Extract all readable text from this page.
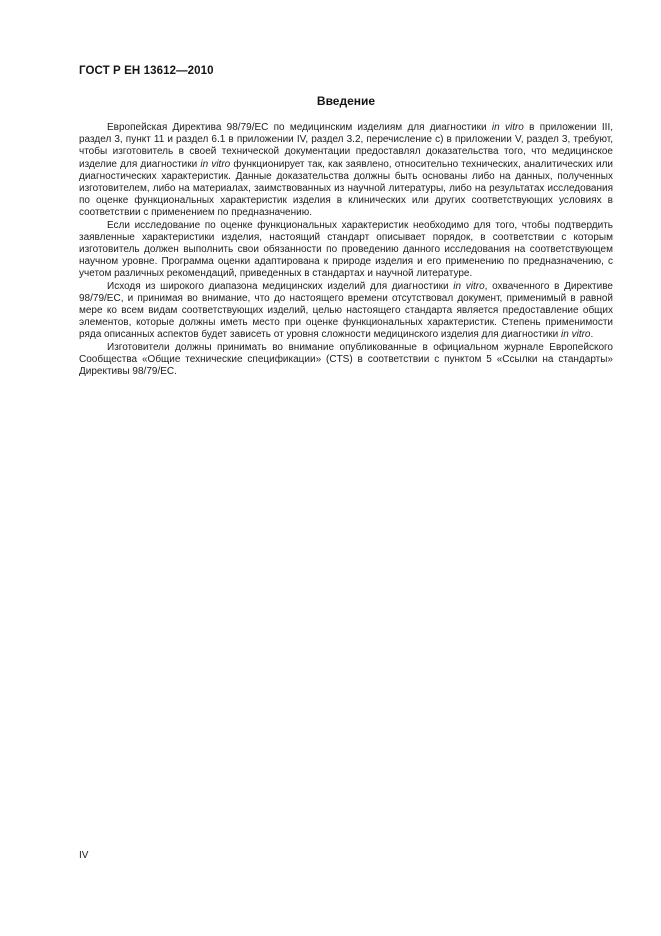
ГОСТ Р ЕН 13612—2010
Введение

Европейская Директива 98/79/ЕС по медицинским изделиям для диагностики in vitro в приложении III, раздел 3, пункт 11 и раздел 6.1 в приложении IV, раздел 3.2, перечисление с) в приложении V, раздел 3, требуют, чтобы изготовитель в своей технической документации предоставлял доказательства того, что медицинское изделие для диагностики in vitro функционирует так, как заявлено, относительно технических, аналитических или диагностических характеристик. Данные доказательства должны быть основаны либо на данных, полученных изготовителем, либо на материалах, заимствованных из научной литературы, либо на результатах исследования по оценке функциональных характеристик изделия в клинических или других соответствующих условиях в соответствии с применением по предназначению.

Если исследование по оценке функциональных характеристик необходимо для того, чтобы подтвердить заявленные характеристики изделия, настоящий стандарт описывает порядок, в соответствии с которым изготовитель должен выполнить свои обязанности по проведению данного исследования на соответствующем научном уровне. Программа оценки адаптирована к природе изделия и его применению по предназначению, с учетом различных рекомендаций, приведенных в стандартах и научной литературе.

Исходя из широкого диапазона медицинских изделий для диагностики in vitro, охваченного в Директиве 98/79/ЕС, и принимая во внимание, что до настоящего времени отсутствовал документ, применимый в равной мере ко всем видам соответствующих изделий, целью настоящего стандарта является предоставление общих элементов, которые должны иметь место при оценке функциональных характеристик. Степень применимости ряда описанных аспектов будет зависеть от уровня сложности медицинского изделия для диагностики in vitro.

Изготовители должны принимать во внимание опубликованные в официальном журнале Европейского Сообщества «Общие технические спецификации» (CTS) в соответствии с пунктом 5 «Ссылки на стандарты» Директивы 98/79/ЕС.

IV
